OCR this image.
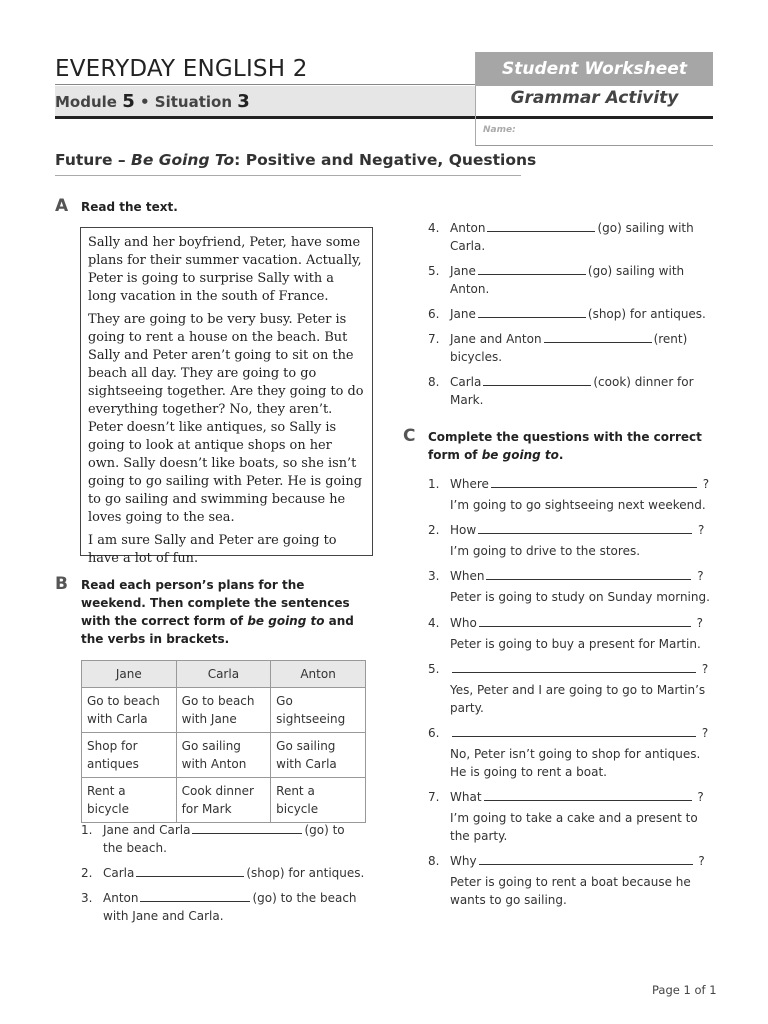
EVERYDAY ENGLISH 2
Module 5 • Situation 3
Student Worksheet
Grammar Activity
Name:
Future – Be Going To: Positive and Negative, Questions
A Read the text.

Sally and her boyfriend, Peter, have some plans for their summer vacation. Actually, Peter is going to surprise Sally with a long vacation in the south of France.

They are going to be very busy. Peter is going to rent a house on the beach. But Sally and Peter aren’t going to sit on the beach all day. They are going to go sightseeing together. Are they going to do everything together? No, they aren’t. Peter doesn’t like antiques, so Sally is going to look at antique shops on her own. Sally doesn’t like boats, so she isn’t going to go sailing with Peter. He is going to go sailing and swimming because he loves going to the sea.

I am sure Sally and Peter are going to have a lot of fun.

B Read each person’s plans for the weekend. Then complete the sentences with the correct form of be going to and the verbs in brackets.
Jane	Carla	Anton
Go to beach with Carla	Go to beach with Jane	Go sightseeing
Shop for antiques	Go sailing with Anton	Go sailing with Carla
Rent a bicycle	Cook dinner for Mark	Rent a bicycle
1. Jane and Carla	(go) to
the beach.
2. Carla	(shop) for antiques.
3. Anton	(go) to the beach
with Jane and Carla.
4. Anton	(go) sailing with
Carla.
5. Jane	(go) sailing with
Anton.
6. Jane	(shop) for antiques.
7. Jane and Anton	(rent)
bicycles.
8. Carla	(cook) dinner for
Mark.
C Complete the questions with the correct form of be going to.
1. Where	?
I’m going to go sightseeing next weekend.
2. How	?
I’m going to drive to the stores.
3. When	?
Peter is going to study on Sunday morning.
4. Who	?
Peter is going to buy a present for Martin.
5.	?
Yes, Peter and I are going to go to Martin’s
party.
6.	?
No, Peter isn’t going to shop for antiques.
He is going to rent a boat.
7. What	?
I’m going to take a cake and a present to
the party.
8. Why	?
Peter is going to rent a boat because he
wants to go sailing.
Page 1 of 1
